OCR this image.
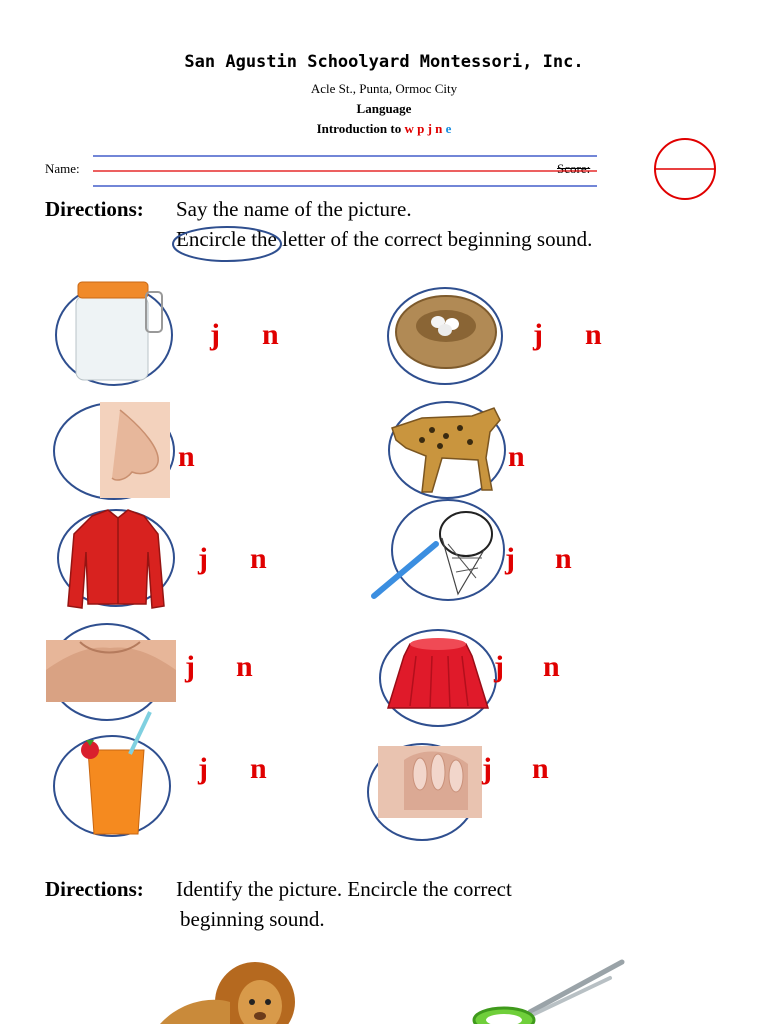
San Agustin Schoolyard Montessori, Inc.
Acle St., Punta, Ormoc City
Language
Introduction to w p j n e
Name:	Score:
Directions: Say the name of the picture.
Encircle the letter of the correct beginning sound.
j n	j n
n	n
j n	j n
j n	j n
j n	j n
Directions: Identify the picture. Encircle the correct
beginning sound.
